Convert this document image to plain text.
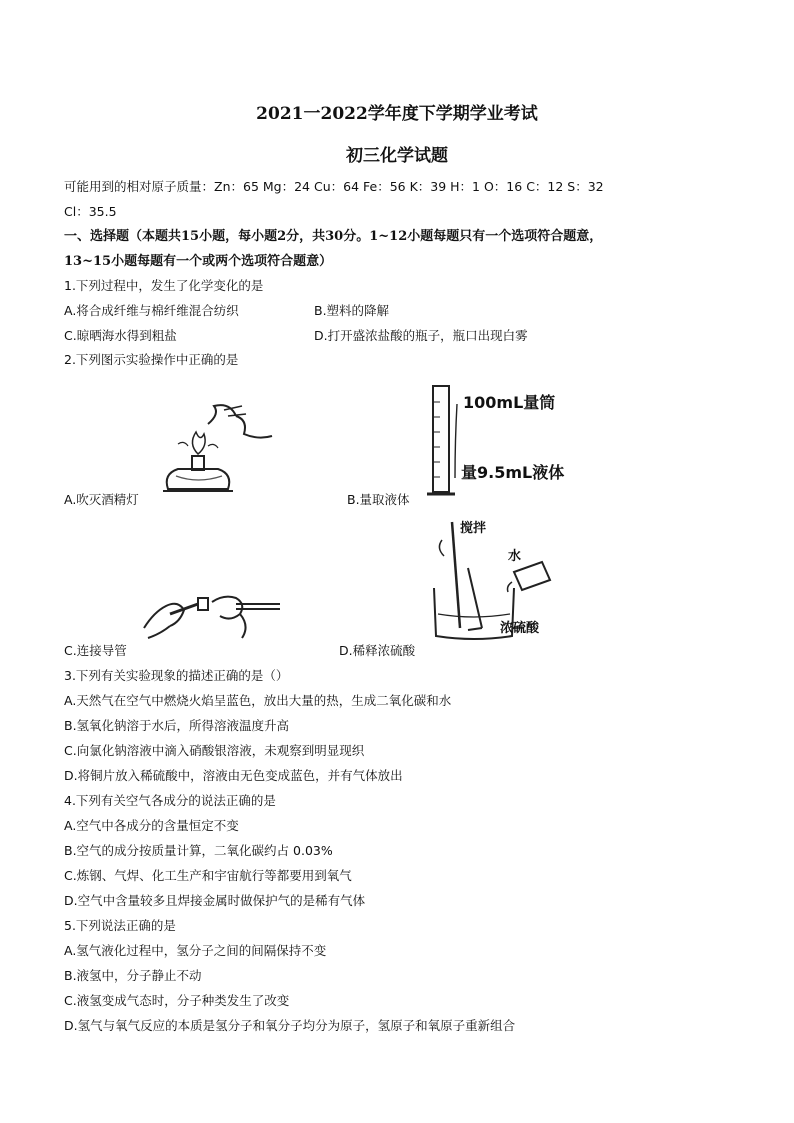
2021一2022学年度下学期学业考试
初三化学试题
可能用到的相对原子质量：Zn：65 Mg：24 Cu：64 Fe：56 K：39 H：1 O：16 C：12 S：32
Cl：35.5
一、选择题（本题共15小题，每小题2分，共30分。1~12小题每题只有一个选项符合题意，
13~15小题每题有一个或两个选项符合题意）
1.下列过程中，发生了化学变化的是
A.将合成纤维与棉纤维混合纺织	B.塑料的降解
C.晾晒海水得到粗盐	D.打开盛浓盐酸的瓶子，瓶口出现白雾
2.下列图示实验操作中正确的是
A.吹灭酒精灯
100mL量筒
量9.5mL液体
B.量取液体
搅拌
水
浓硫酸
C.连接导管	D.稀释浓硫酸
3.下列有关实验现象的描述正确的是（）
A.天然气在空气中燃烧火焰呈蓝色，放出大量的热，生成二氧化碳和水
B.氢氧化钠溶于水后，所得溶液温度升高
C.向氯化钠溶液中滴入硝酸银溶液，未观察到明显现织
D.将铜片放入稀硫酸中，溶液由无色变成蓝色，并有气体放出
4.下列有关空气各成分的说法正确的是
A.空气中各成分的含量恒定不变
B.空气的成分按质量计算，二氧化碳约占 0.03%
C.炼钢、气焊、化工生产和宇宙航行等都要用到氧气
D.空气中含量较多且焊接金属时做保护气的是稀有气体
5.下列说法正确的是
A.氢气液化过程中，氢分子之间的间隔保持不变
B.液氢中，分子静止不动
C.液氢变成气态时，分子种类发生了改变
D.氢气与氧气反应的本质是氢分子和氧分子均分为原子，氢原子和氧原子重新组合
